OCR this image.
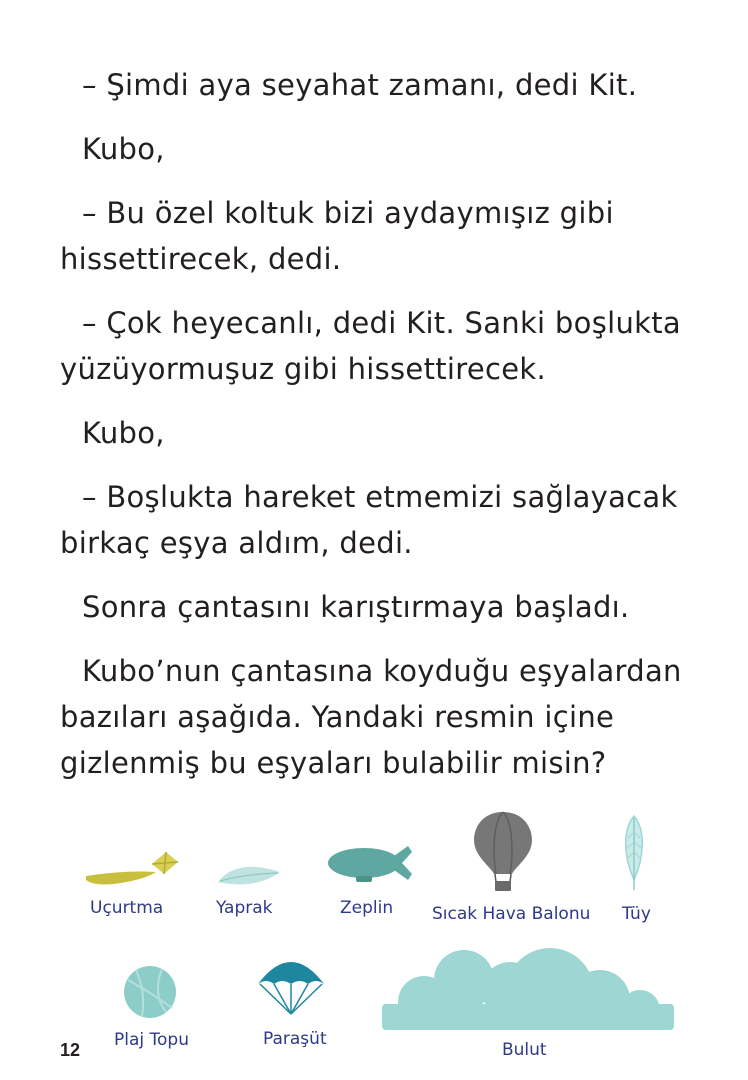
– Şimdi aya seyahat zamanı, dedi Kit.

Kubo,

– Bu özel koltuk bizi aydaymışız gibi hissettirecek, dedi.

– Çok heyecanlı, dedi Kit. Sanki boşlukta yüzüyormuşuz gibi hissettirecek.

Kubo,

– Boşlukta hareket etmemizi sağlayacak birkaç eşya aldım, dedi.

Sonra çantasını karıştırmaya başladı.

Kubo’nun çantasına koyduğu eşyalardan bazıları aşağıda. Yandaki resmin içine gizlenmiş bu eşyaları bulabilir misin?

Uçurtma	Yaprak	Zeplin Sıcak Hava Balonu Tüy
Plaj Topu	Paraşüt
Bulut
12
